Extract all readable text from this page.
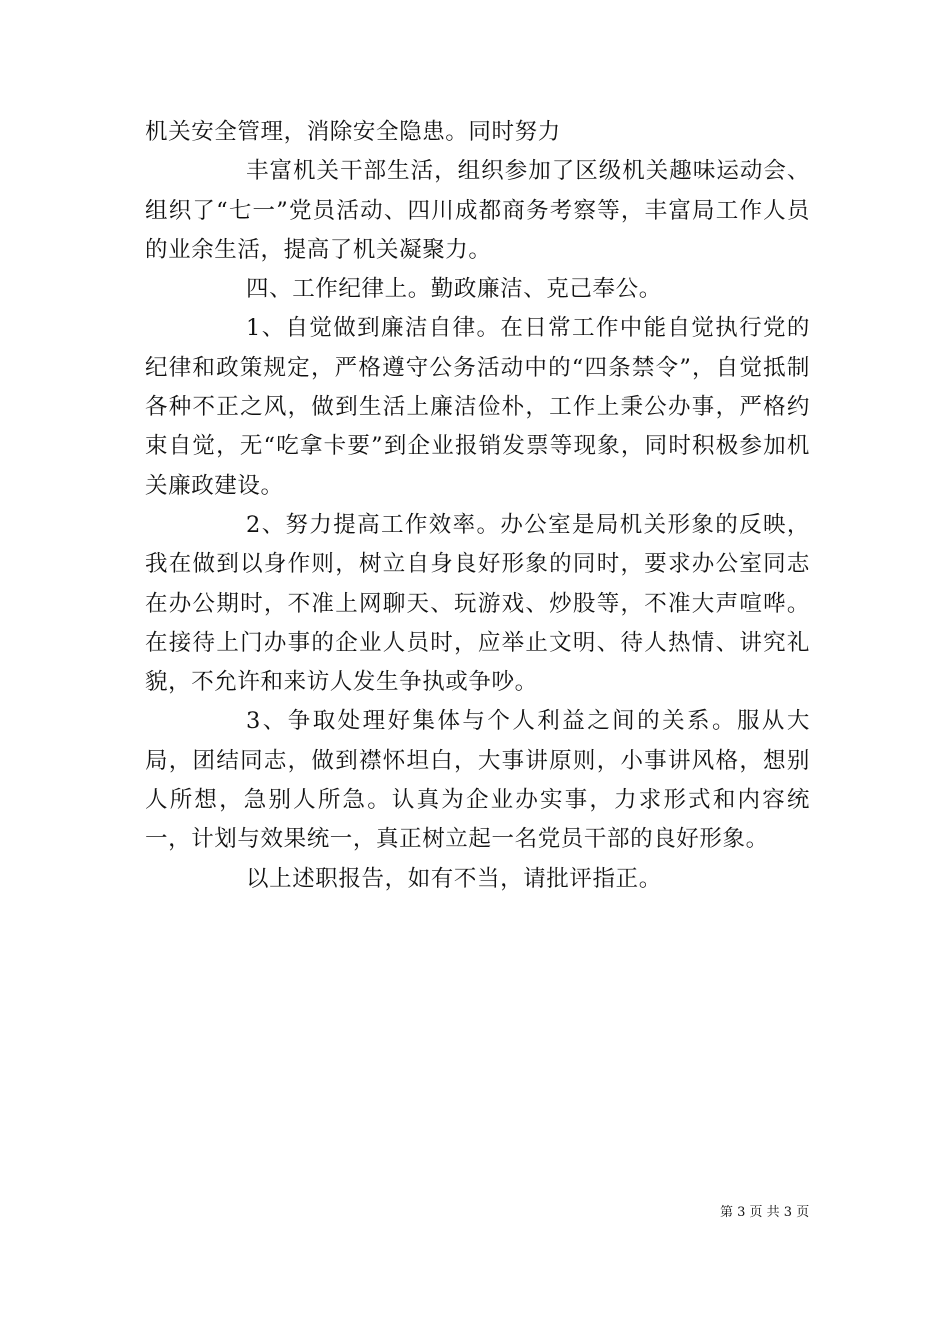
机关安全管理，消除安全隐患。同时努力

丰富机关干部生活，组织参加了区级机关趣味运动会、组织了“七一”党员活动、四川成都商务考察等，丰富局工作人员的业余生活，提高了机关凝聚力。

四、工作纪律上。勤政廉洁、克己奉公。

1、自觉做到廉洁自律。在日常工作中能自觉执行党的纪律和政策规定，严格遵守公务活动中的“四条禁令”，自觉抵制各种不正之风，做到生活上廉洁俭朴，工作上秉公办事，严格约束自觉，无“吃拿卡要”到企业报销发票等现象，同时积极参加机关廉政建设。

2、努力提高工作效率。办公室是局机关形象的反映，我在做到以身作则，树立自身良好形象的同时，要求办公室同志在办公期时，不准上网聊天、玩游戏、炒股等，不准大声喧哗。在接待上门办事的企业人员时，应举止文明、待人热情、讲究礼貌，不允许和来访人发生争执或争吵。

3、争取处理好集体与个人利益之间的关系。服从大局，团结同志，做到襟怀坦白，大事讲原则，小事讲风格，想别人所想，急别人所急。认真为企业办实事，力求形式和内容统一，计划与效果统一，真正树立起一名党员干部的良好形象。

以上述职报告，如有不当，请批评指正。

第 3 页 共 3 页
